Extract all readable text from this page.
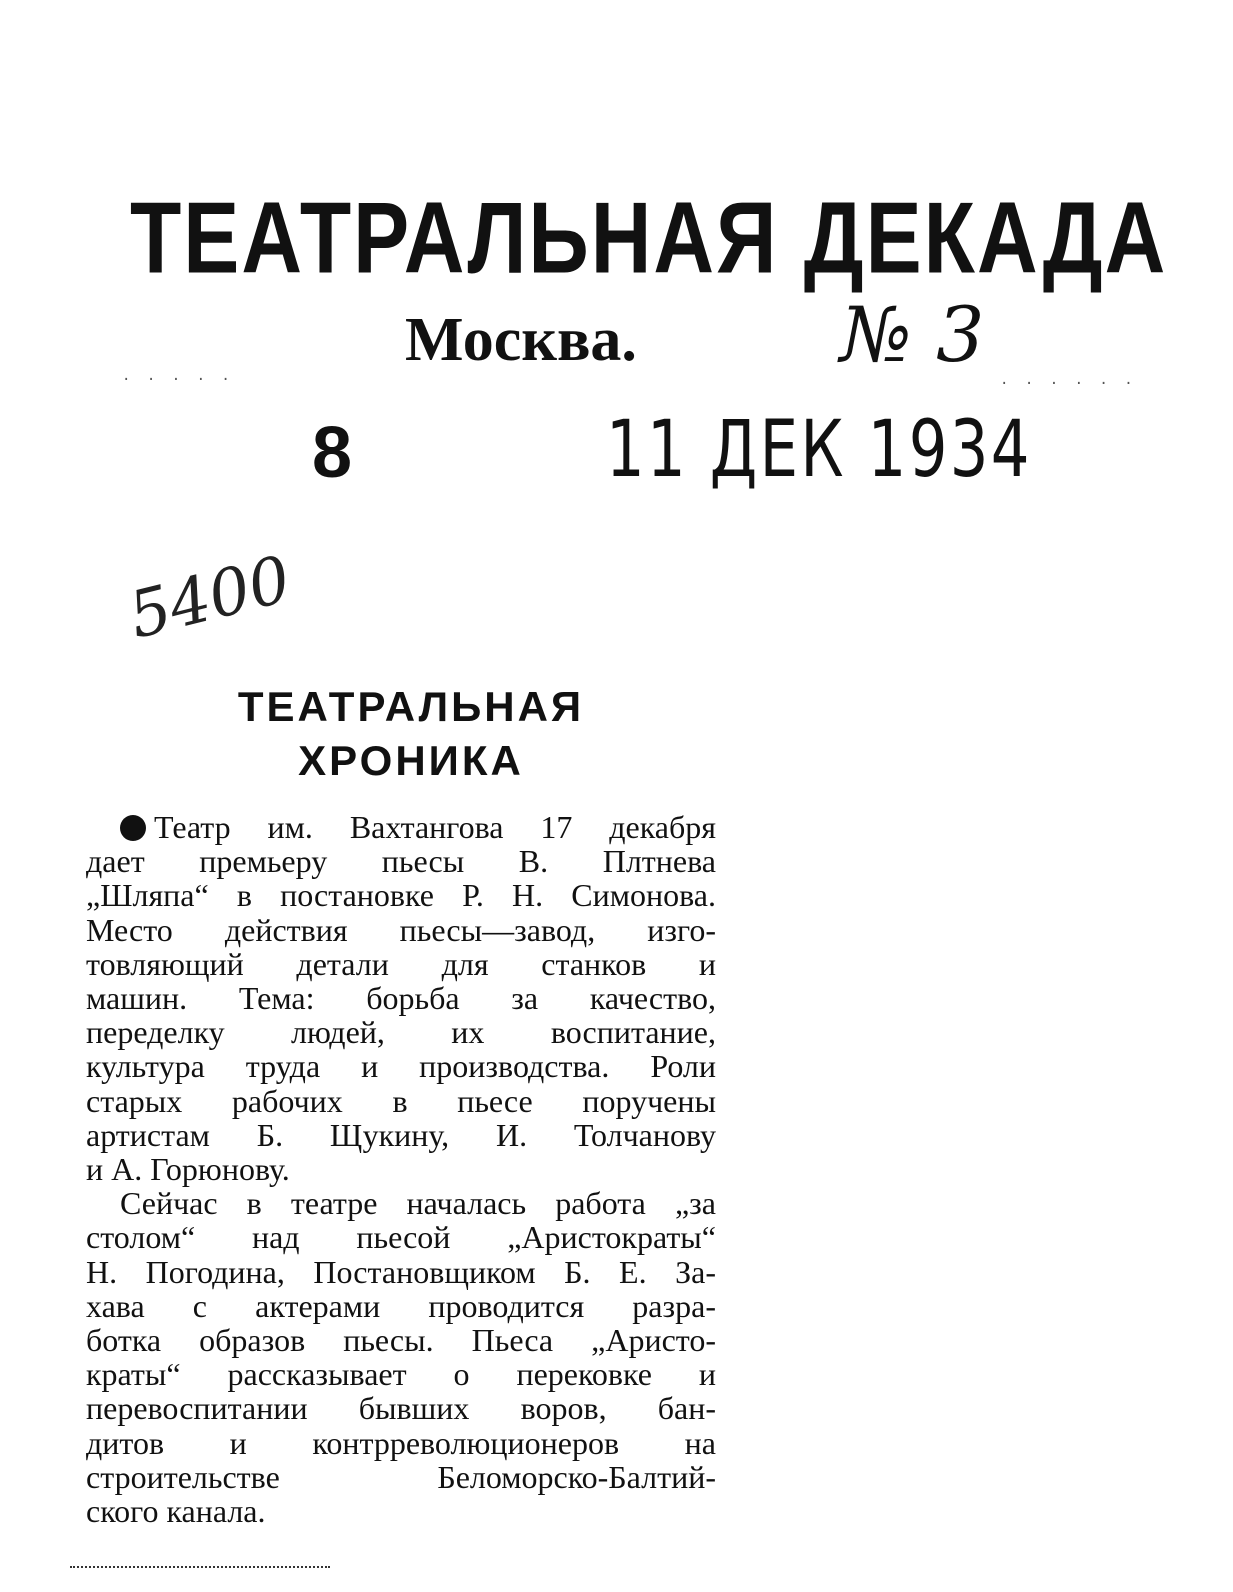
ТЕАТРАЛЬНАЯ ДЕКАДА
Москва.	№ 3
· · · · ·	· · · · · ·
8	11 ДЕК 1934
5400
ТЕАТРАЛЬНАЯ
ХРОНИКА
Театр им. Вахтангова 17 декабря
дает премьеру пьесы В. Плтнева
„Шляпа“ в постановке Р. Н. Симонова.
Место действия пьесы—завод, изго-
товляющий детали для станков и
машин. Тема: борьба за качество,
переделку людей, их воспитание,
культура труда и производства. Роли
старых рабочих в пьесе поручены
артистам Б. Щукину, И. Толчанову
и А. Горюнову.
Сейчас в театре началась работа „за
столом“ над пьесой „Аристократы“
Н. Погодина, Постановщиком Б. Е. За-
хава с актерами проводится разра-
ботка образов пьесы. Пьеса „Аристо-
краты“ рассказывает о перековке и
перевоспитании бывших воров, бан-
дитов и контрреволюционеров на
строительстве Беломорско-Балтий-
ского канала.
